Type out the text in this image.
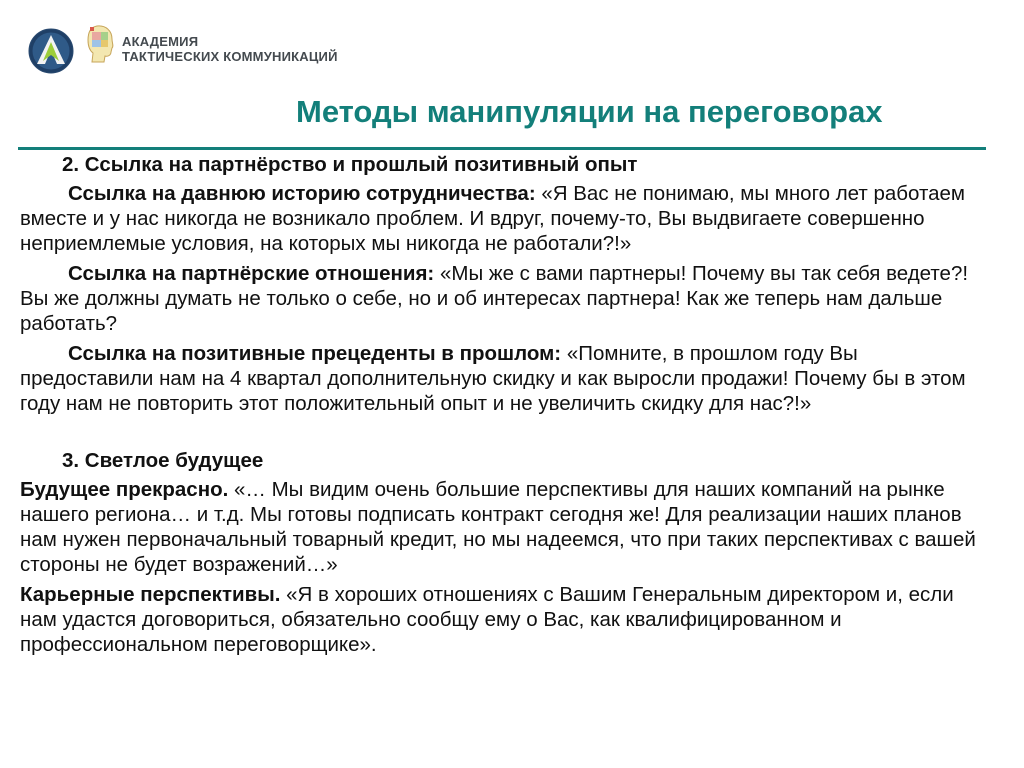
АКАДЕМИЯ
ТАКТИЧЕСКИХ КОММУНИКАЦИЙ
Методы манипуляции на переговорах

2. Ссылка на партнёрство и прошлый позитивный опыт

Ссылка на давнюю историю сотрудничества: «Я Вас не понимаю, мы много лет работаем вместе и у нас никогда не возникало проблем. И вдруг, почему-то, Вы выдвигаете совершенно неприемлемые условия, на которых мы никогда не работали?!»

Ссылка на партнёрские отношения: «Мы же с вами партнеры! Почему вы так себя ведете?! Вы же должны думать не только о себе, но и об интересах партнера! Как же теперь нам дальше работать?

Ссылка на позитивные прецеденты в прошлом: «Помните, в прошлом году Вы предоставили нам на 4 квартал дополнительную скидку и как выросли продажи! Почему бы в этом году нам не повторить этот положительный опыт и не увеличить скидку для нас?!»

3. Светлое будущее

Будущее прекрасно. «… Мы видим очень большие перспективы для наших компаний на рынке нашего региона… и т.д. Мы готовы подписать контракт сегодня же! Для реализации наших планов нам нужен первоначальный товарный кредит, но мы надеемся, что при таких перспективах с вашей стороны не будет возражений…»

Карьерные перспективы. «Я в хороших отношениях с Вашим Генеральным директором и, если нам удастся договориться, обязательно сообщу ему о Вас, как квалифицированном и профессиональном переговорщике».
